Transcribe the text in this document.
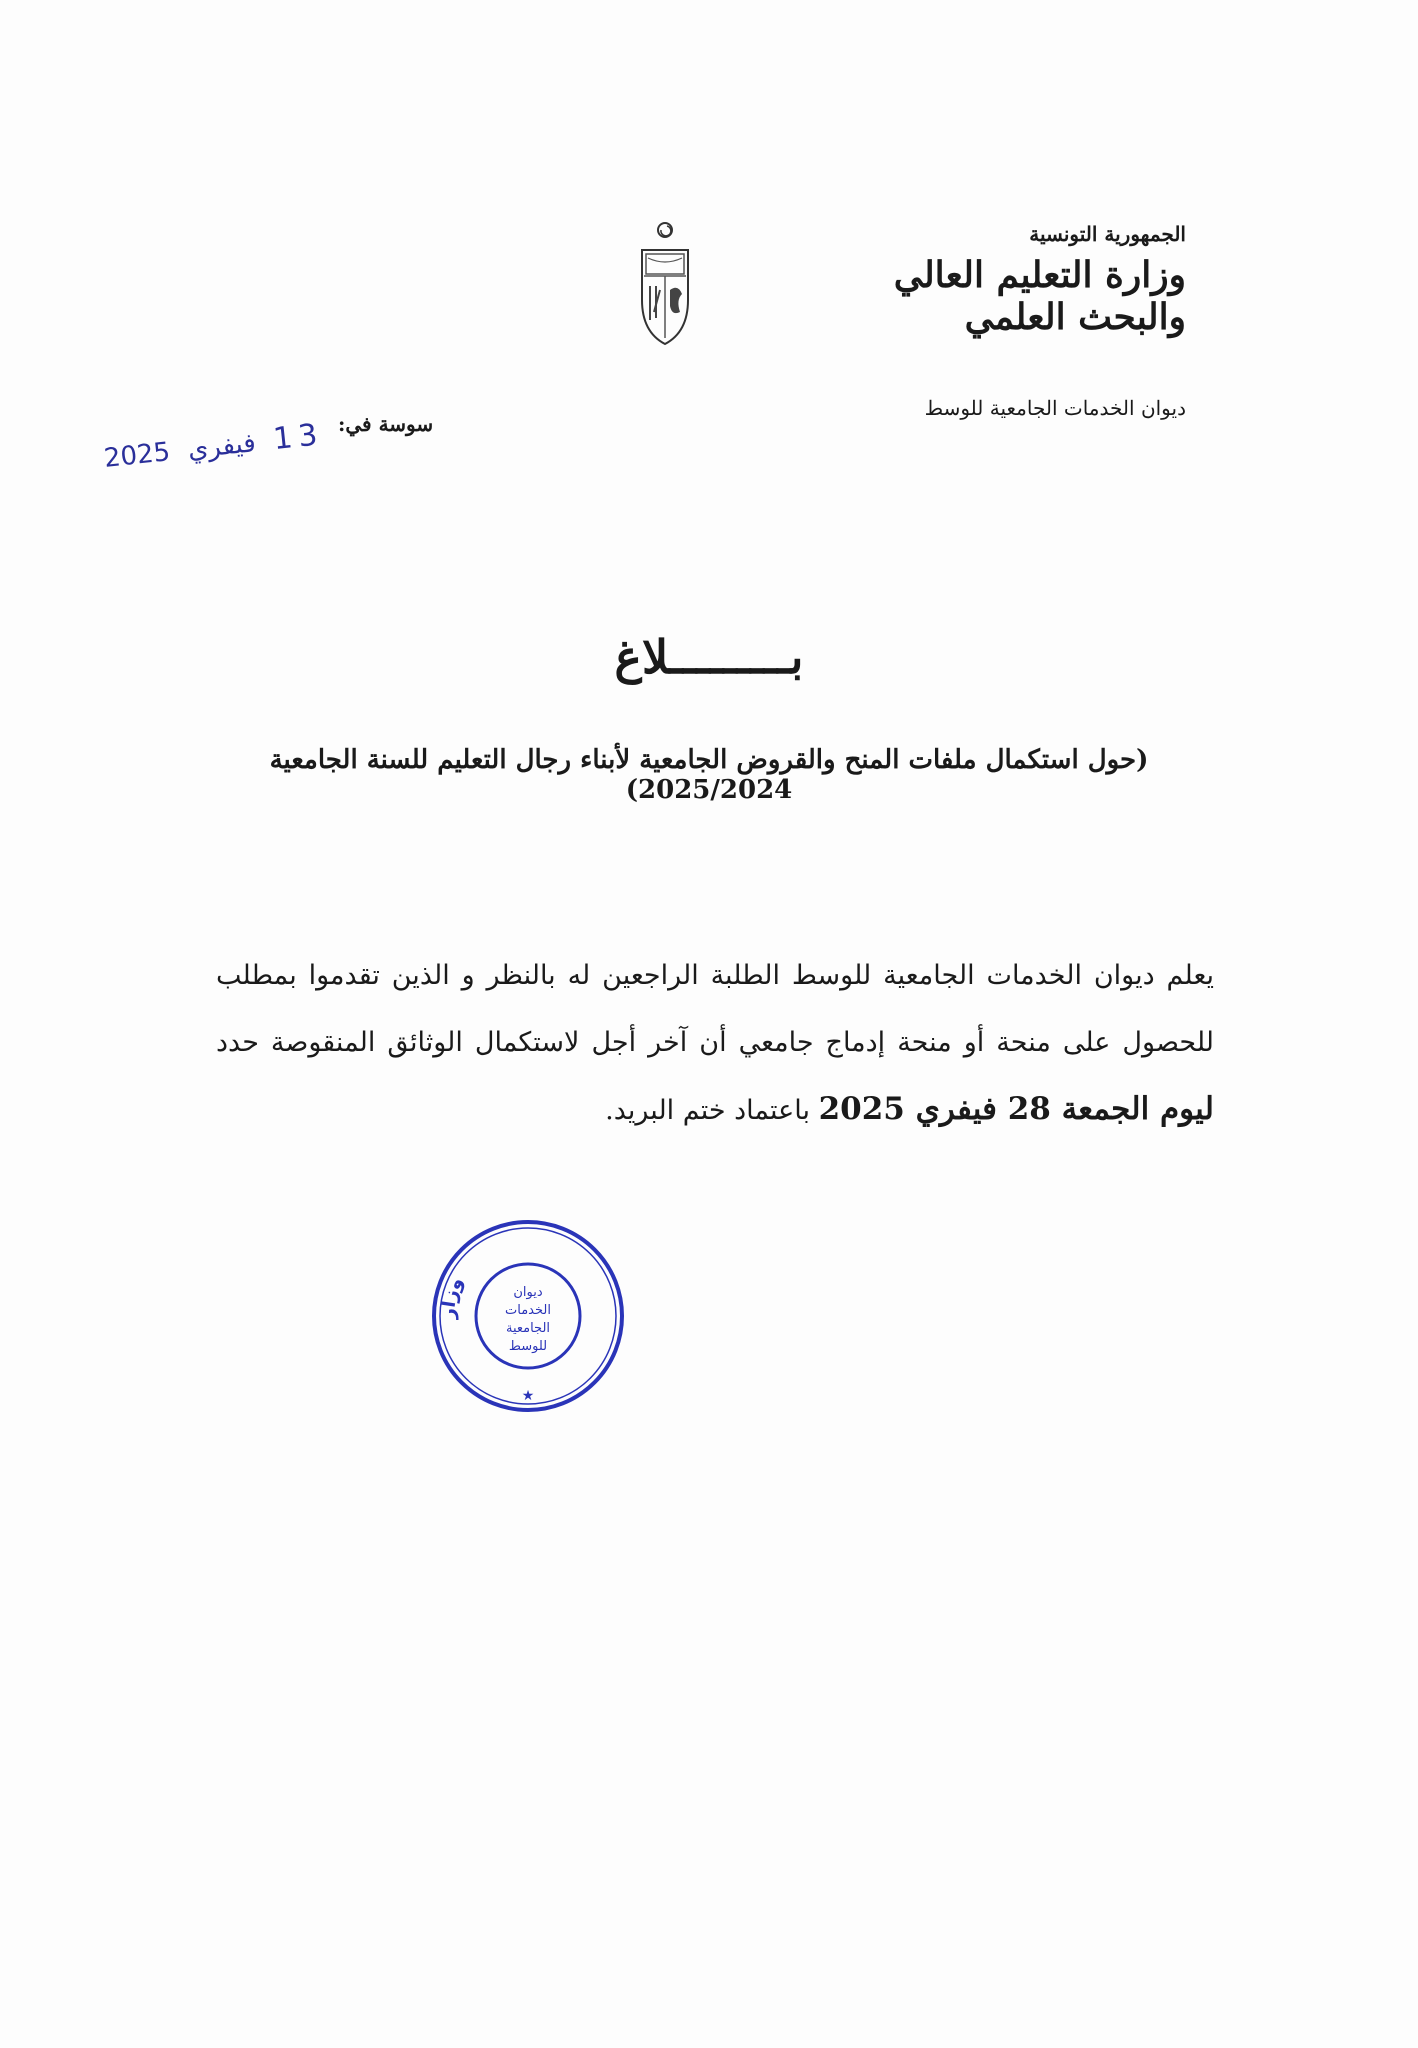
الجمهورية التونسية
وزارة التعليم العالي
والبحث العلمي
ديوان الخدمات الجامعية للوسط
سوسة في:
2025 فيفري 13
بـــــــــلاغ
(حول استكمال ملفات المنح والقروض الجامعية لأبناء رجال التعليم للسنة الجامعية 2025/2024)
يعلم ديوان الخدمات الجامعية للوسط الطلبة الراجعين له بالنظر و الذين تقدموا بمطلب للحصول على منحة أو منحة إدماج جامعي أن آخر أجل لاستكمال الوثائق المنقوصة حدد ليوم الجمعة 28 فيفري 2025 باعتماد ختم البريد.
وزار
ديوان
الخدمات
الجامعية
للوسط
★
